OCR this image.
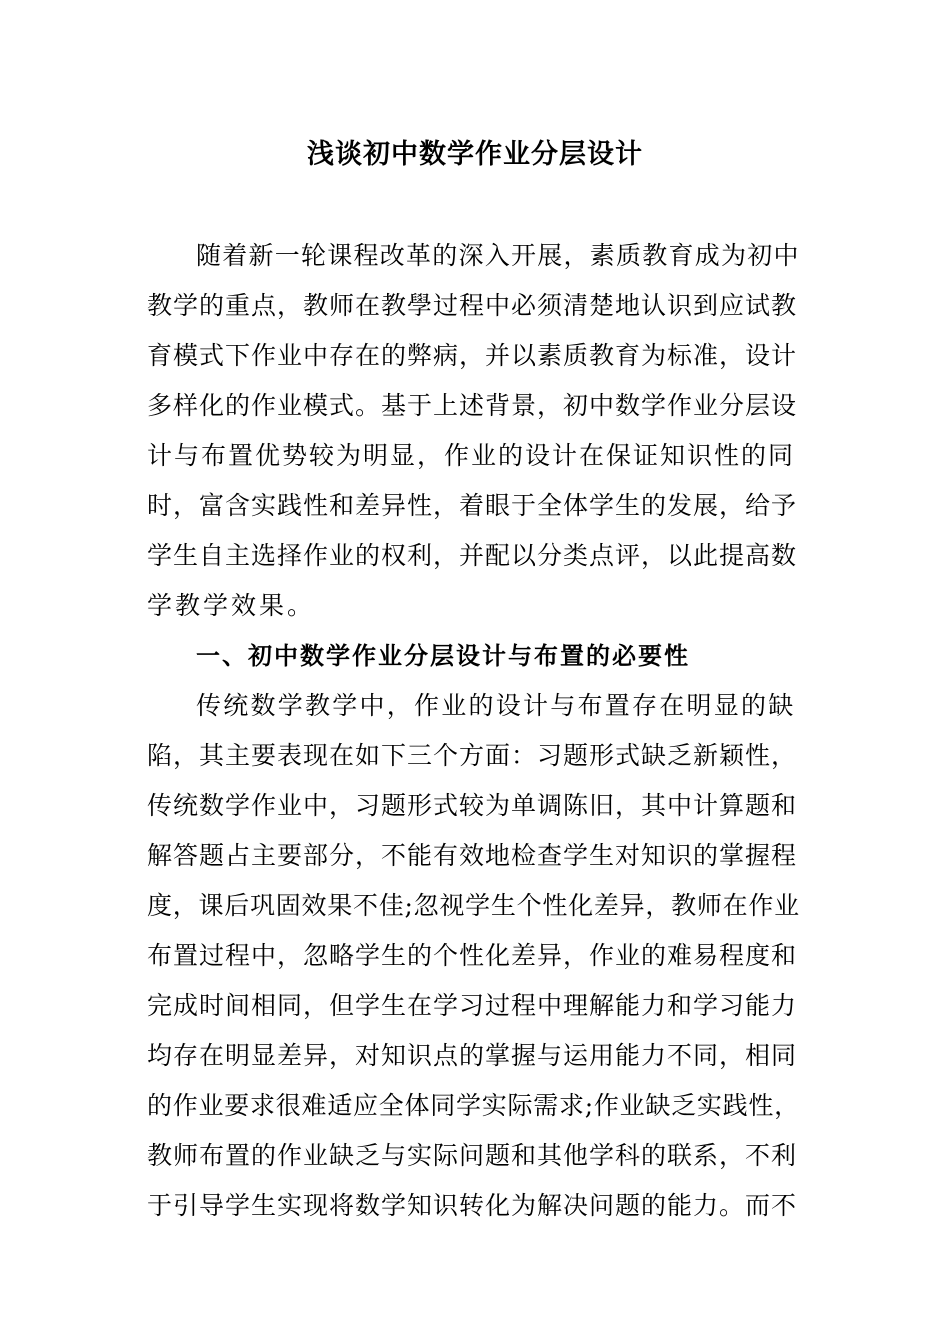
浅谈初中数学作业分层设计
随着新一轮课程改革的深入开展，素质教育成为初中
教学的重点，教师在教學过程中必须清楚地认识到应试教
育模式下作业中存在的弊病，并以素质教育为标准，设计
多样化的作业模式。基于上述背景，初中数学作业分层设
计与布置优势较为明显，作业的设计在保证知识性的同
时，富含实践性和差异性，着眼于全体学生的发展，给予
学生自主选择作业的权利，并配以分类点评，以此提高数
学教学效果。
一、初中数学作业分层设计与布置的必要性
传统数学教学中，作业的设计与布置存在明显的缺
陷，其主要表现在如下三个方面：习题形式缺乏新颖性，
传统数学作业中，习题形式较为单调陈旧，其中计算题和
解答题占主要部分，不能有效地检查学生对知识的掌握程
度，课后巩固效果不佳;忽视学生个性化差异，教师在作业
布置过程中，忽略学生的个性化差异，作业的难易程度和
完成时间相同，但学生在学习过程中理解能力和学习能力
均存在明显差异，对知识点的掌握与运用能力不同，相同
的作业要求很难适应全体同学实际需求;作业缺乏实践性，
教师布置的作业缺乏与实际问题和其他学科的联系，不利
于引导学生实现将数学知识转化为解决问题的能力。而不
